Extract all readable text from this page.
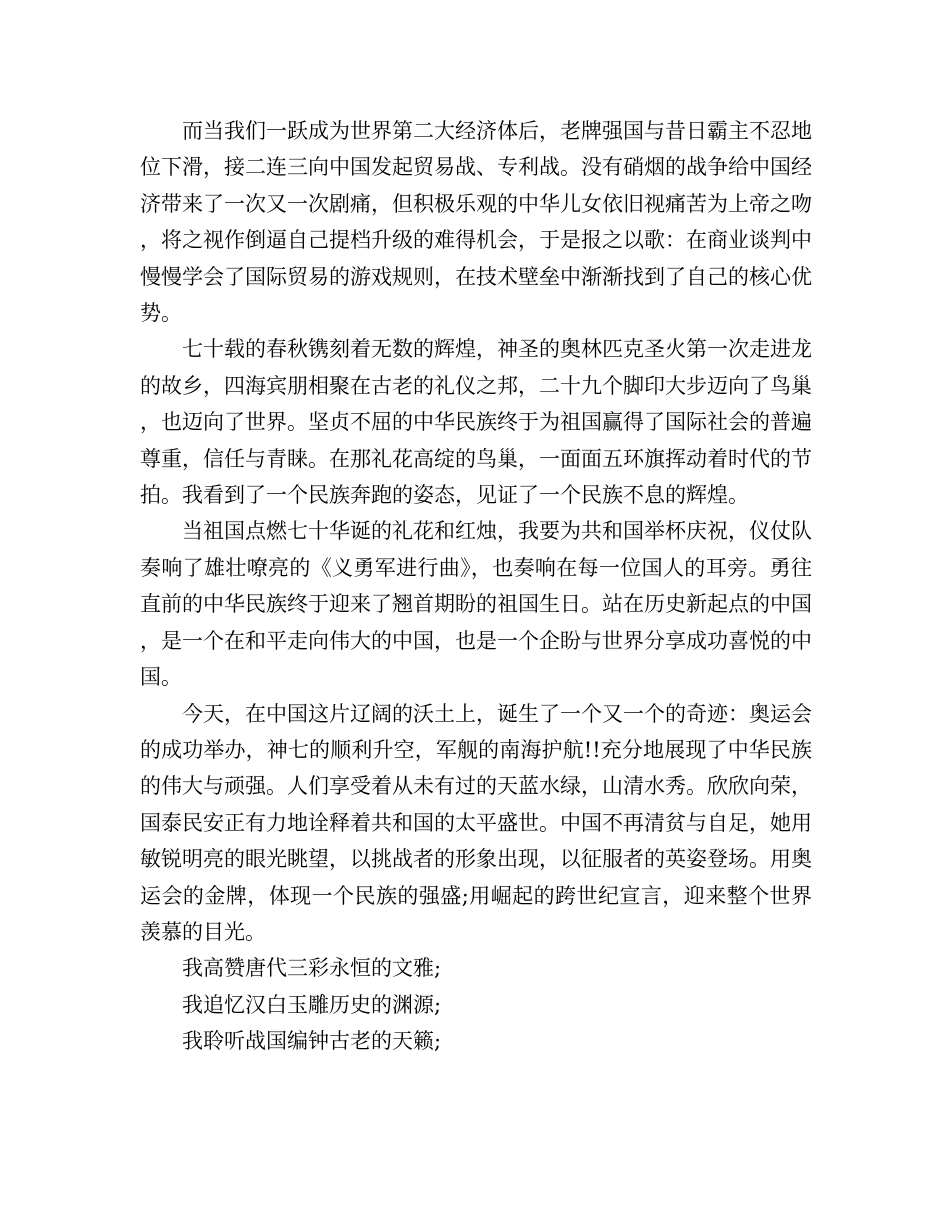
而当我们一跃成为世界第二大经济体后，老牌强国与昔日霸主不忍地位下滑，接二连三向中国发起贸易战、专利战。没有硝烟的战争给中国经济带来了一次又一次剧痛，但积极乐观的中华儿女依旧视痛苦为上帝之吻，将之视作倒逼自己提档升级的难得机会，于是报之以歌：在商业谈判中慢慢学会了国际贸易的游戏规则，在技术壁垒中渐渐找到了自己的核心优势。

七十载的春秋镌刻着无数的辉煌，神圣的奥林匹克圣火第一次走进龙的故乡，四海宾朋相聚在古老的礼仪之邦，二十九个脚印大步迈向了鸟巢，也迈向了世界。坚贞不屈的中华民族终于为祖国赢得了国际社会的普遍尊重，信任与青睐。在那礼花高绽的鸟巢，一面面五环旗挥动着时代的节拍。我看到了一个民族奔跑的姿态，见证了一个民族不息的辉煌。

当祖国点燃七十华诞的礼花和红烛，我要为共和国举杯庆祝，仪仗队奏响了雄壮嘹亮的《义勇军进行曲》，也奏响在每一位国人的耳旁。勇往直前的中华民族终于迎来了翘首期盼的祖国生日。站在历史新起点的中国，是一个在和平走向伟大的中国，也是一个企盼与世界分享成功喜悦的中国。

今天，在中国这片辽阔的沃土上，诞生了一个又一个的奇迹：奥运会的成功举办，神七的顺利升空，军舰的南海护航!!充分地展现了中华民族的伟大与顽强。人们享受着从未有过的天蓝水绿，山清水秀。欣欣向荣，国泰民安正有力地诠释着共和国的太平盛世。中国不再清贫与自足，她用敏锐明亮的眼光眺望，以挑战者的形象出现，以征服者的英姿登场。用奥运会的金牌，体现一个民族的强盛;用崛起的跨世纪宣言，迎来整个世界羡慕的目光。

我高赞唐代三彩永恒的文雅;

我追忆汉白玉雕历史的渊源;

我聆听战国编钟古老的天籁;
